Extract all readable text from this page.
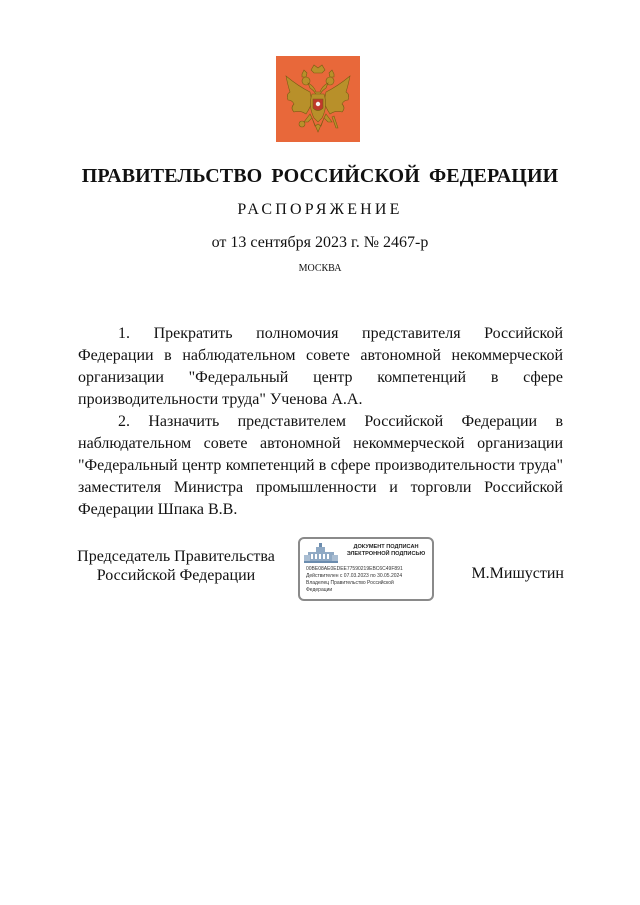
ПРАВИТЕЛЬСТВО РОССИЙСКОЙ ФЕДЕРАЦИИ
РАСПОРЯЖЕНИЕ
от 13 сентября 2023 г. № 2467-р
МОСКВА

1. Прекратить полномочия представителя Российской Федерации в наблюдательном совете автономной некоммерческой организации "Федеральный центр компетенций в сфере производительности труда" Ученова А.А.

2. Назначить представителем Российской Федерации в наблюдательном совете автономной некоммерческой организации "Федеральный центр компетенций в сфере производительности труда" заместителя Министра промышленности и торговли Российской Федерации Шпака В.В.

Председатель Правительства
Российской Федерации
ДОКУМЕНТ ПОДПИСАН
ЭЛЕКТРОННОЙ ПОДПИСЬЮ
00BE08AE0EDEE77590219EBC6C49F891
Действителен с 07.03.2023 по 30.05.2024
Владелец Правительство Российской
Федерации
М.Мишустин
